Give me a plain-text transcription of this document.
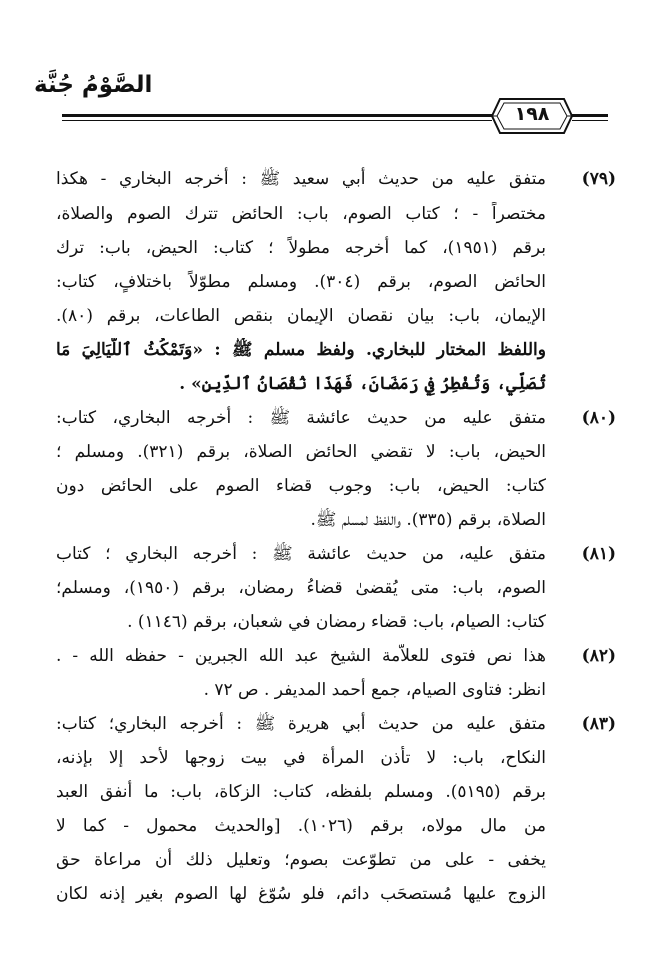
الصَّوْمُ جُنَّة
١٩٨
(٧٩)
متفق عليه من حديث أبي سعيد ﷺ : أخرجه البخاري - هكذا
مختصراً - ؛ كتاب الصوم، باب: الحائض تترك الصوم والصلاة،
برقم (١٩٥١)، كما أخرجه مطولاً ؛ كتاب: الحيض، باب: ترك
الحائض الصوم، برقم (٣٠٤). ومسلم مطوّلاً باختلافٍ، كتاب:
الإيمان، باب: بيان نقصان الإيمان بنقص الطاعات، برقم (٨٠).
واللفظ المختار للبخاري. ولفظ مسلم ﷺ : «وَتَمْكُثُ ٱللَّيَالِيَ مَا
تُصَلِّي، وَتُفْطِرُ فِي رَمَضَانَ، فَهَذَا نُقْصَانُ ٱلدِّينِ» .
(٨٠)
متفق عليه من حديث عائشة ﷺ : أخرجه البخاري، كتاب:
الحيض، باب: لا تقضي الحائض الصلاة، برقم (٣٢١). ومسلم ؛
كتاب: الحيض، باب: وجوب قضاء الصوم على الحائض دون
الصلاة، برقم (٣٣٥). واللفظ لمسلم ﷺ.
(٨١)
متفق عليه، من حديث عائشة ﷺ : أخرجه البخاري ؛ كتاب
الصوم، باب: متى يُقضىٰ قضاءُ رمضان، برقم (١٩٥٠)، ومسلم؛
كتاب: الصيام، باب: قضاء رمضان في شعبان، برقم (١١٤٦) .
(٨٢)
هذا نص فتوى للعلاّمة الشيخ عبد الله الجبرين - حفظه الله - .
انظر: فتاوى الصيام، جمع أحمد المديفر . ص ٧٢ .
(٨٣)
متفق عليه من حديث أبي هريرة ﷺ : أخرجه البخاري؛ كتاب:
النكاح، باب: لا تأذن المرأة في بيت زوجها لأحد إلا بإذنه،
برقم (٥١٩٥). ومسلم بلفظه، كتاب: الزكاة، باب: ما أنفق العبد
من مال مولاه، برقم (١٠٢٦). [والحديث محمول - كما لا
يخفى - على من تطوّعت بصوم؛ وتعليل ذلك أن مراعاة حق
الزوج عليها مُستصحَب دائم، فلو سُوّغ لها الصوم بغير إذنه لكان
